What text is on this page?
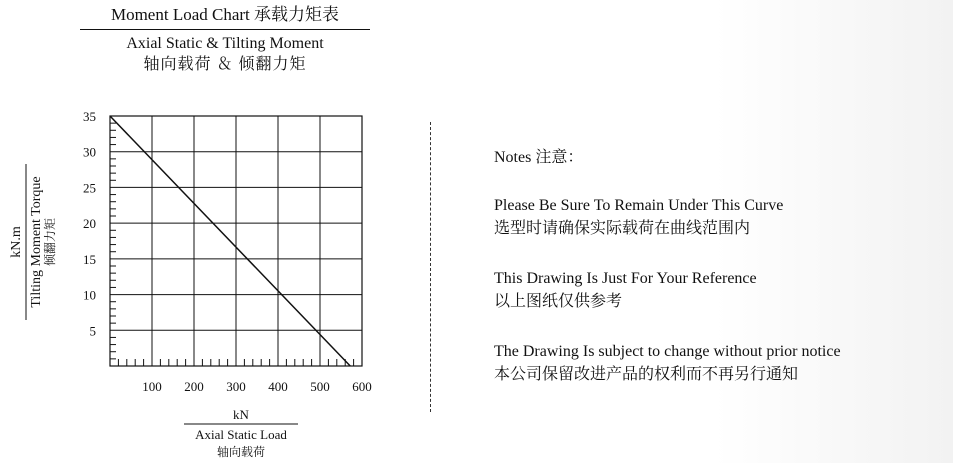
Moment Load Chart 承载力矩表
Axial Static & Tilting Moment
轴向载荷 ＆ 倾翻力矩
100 200 300 400 500 600
5
10
15
20
25
30
35
kN.m Tilting Moment Torque 倾翻力矩
kN
Axial Static Load
轴向载荷

Notes 注意：

Please Be Sure To Remain Under This Curve
选型时请确保实际载荷在曲线范围内

This Drawing Is Just For Your Reference
以上图纸仅供参考

The Drawing Is subject to change without prior notice
本公司保留改进产品的权利而不再另行通知
